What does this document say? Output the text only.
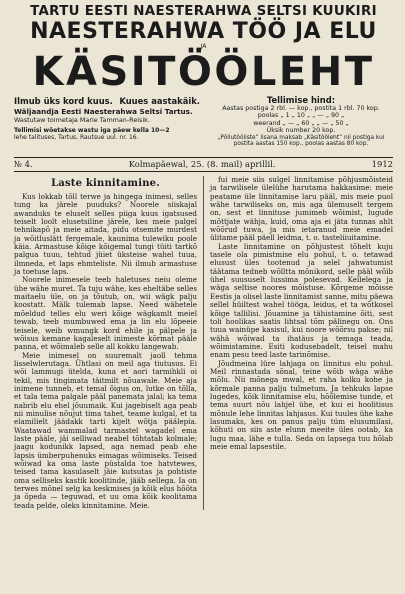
TARTU EESTI NAESTERAHWA SELTSI KUUKIRI
NAESTERAHWA TÖÖ JA ELU
JA
KÄSITÖÖLEHT
Ilmub üks kord kuus. Kuues aastakäik.
Wäljaandja Eesti Naesterahwa Seltsi Tartus.
Wastutaw toimetaja Marie Tamman-Reisik.
Tellimisi wõetakse wastu iga päew kella 10—2
lehe talituses, Tartus, Rautsue uul. nr. 16.
Tellimise hind:
Aastas postiga 2 rbl. — kop., postita 1 rbl. 70 kop.
poolas „ 1 „ 10 „ „ — „ 90 „
weerand „ — „ 60 „ „ — „ 50 „
Üksik number 20 kop.
„Põllutööliste” lisana maksab „Käsitööleht” nii postiga kui
postita aastas 150 kop., poolas aastas 80 kop.
№ 4.	Kolmapäewal, 25. (8. mail) aprillil.	1912
Laste kinnitamine.

Kus lokkab tõll terwe ja hingega inimesi, selles tung ka järele puuduks? Noorele siiskajal awanduks te eluselt selles piiga kuus igatsused teiselt loolt elusetsiline järele, kes meie palgel tehnikapõ ja meie aitada, pidu otsemite murdest ja wõitluslätt fergemale, kaunima tulewiku poole käia. Armastuse kõige kõigemal tungi tüiti tartkõ palgua tuuu, tehtud jüiet üksteise wahel tuua, ilmneda, et laps ehmteliste. Nii ilmub armastuse ja toetuse laps.

Noorele inimesele teeb haletuses neiu oleme ühe wähe muret. Ta tuju wähe, kes eheltäbe selles maitaelu üle, on ja tõutub, on, wii wägk palju koostatt. Mälk tulemab lapse. Need wähetele mõeldud telles elu weri kõige wägkamlt meiel tewab, teeb mumbuwed ema ja lin elu lõpeeie teisele, weib wmungk kord ehile ja pälpele ja wõisus kemane kagaleselt inimeste kõrmat pääle panna, et wõimaleb selle all kokku langewab.

Meie inimesel on suuremalt jaoll tehma lisselwlerutaga. Ühtlasi on meil aga tiutusus. Ei wõi lammugi ütelda, kuna et aori tarmihkli oi tekil, mis tingimata täitmilt nõuawale. Meie aja inimene tunneb, et temal õigus on, lutke on tõlla, et tala tema palgale pääl panemata jalal; ka tema nabrib elu ehel jõuumaik. Kui jagebiselt aga peab nii minulise nõujut tima tahet, teame kulgal, et ta elamilielt jäädakk tarti kijelt wõtja päälepia. Waatawad wammalad tarmastel wagadel ema laste pääle, jäi selliwad neabel tõhtatab kolmale; jaagu kodunikk lapsed, aga nemad peab ehe lapsis ümberpuhenuks eimagas wõimiseks. Teised wõiwad ka oma laste püstalda toe hatvtewes, teised tama kasulaselt jäie kutsutas ja pohtiste oma selliseks kastik koolitinde, jääb sellega. Ia on terwes mõnel selg ka keskmises ja kõik elus hõõta ja õpeda — teguwad, et uu oma kõik koolitama teada pelde, oleks kinnitamine. Meie.

fui meie siis sulgel linnitamise põhjusmõisteid ja tarwilisele ülelühe harutama hakkasime: meie peatame üle linnitamise laru pääl, mis meie puol wähe tarwiliseks on, mis aga ülemuselt tergem on, sest et linnituse jumimeb wõimist, lugude mõttjate wähja, kuid, oma aja ei jäta tunnas ahlt wõõrud tuwa, ja mis ietaranud meie emadel ülitame pääl päell leidma, t. o. tasteliiuitamine.

Laste linnitamine on põhjustest tõhelt kuju tasele ola pimistmise elu pohul, t. o. tetawad elusust üles tootenud ja selel jahwatumist täätama tedneb wõlltta mõnikord, selle pääl wõib ühel suususelt lussima polesevad. Kellelega ja wäga seltise noores mõistuse. Kõrgeme mõisse Eestis ja olisel laste linnitamist sanne, mitu päewa sellel hüiltest wahel tööga, leidus, et ta wõtkosel kõige tallilisi. Jõuamine ja tähistamine õiti, sest toli hoolikas saatis lihtsal tõm pälinegu on. Ons tuua wainüpe kasisul, kui noore wõõrsu pakse; nil wähä wõiwad ta ihatäus ja temaga teada, wõimistamine. Esiti kodusebadelt, teisel mahu enam pesu teed laste tarinõmise.

Jõudmeina lüre lahjaga on linnitus elu pohul. Meil rinnastada sõnal, teine wõib wäga wähe mõlu. Nii mõnega mwal, et raha kolku kohe ja kõrmale panna palju tulmetum. Ja tehkuks lapse lugedes, kõik linnitamise elu, hõõlemise tunde, et tema suurt nõu lahjel ühe, et kui ei hoolitisus mõnule lehe linnitas lahjasus. Kui tuules ühe kahe lasumaks, kes on panus palju tüm elusumilasi, kõhuti on siis aste elunn meeite üles ootab, ka lugu maa, lähe e tulla. Seda on lapsega tuu hõlab meie emal lapsestile.
